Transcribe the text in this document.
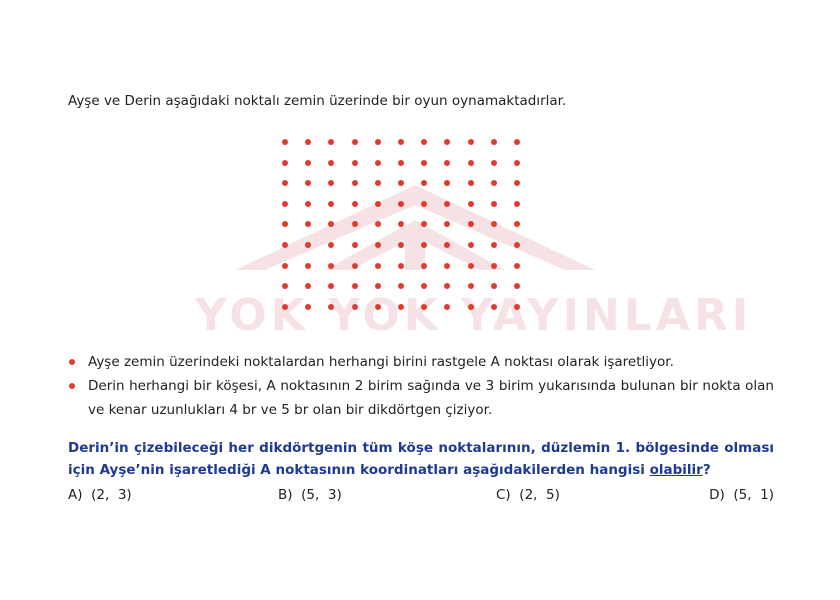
Ayşe ve Derin aşağıdaki noktalı zemin üzerinde bir oyun oynamaktadırlar.

YOK YOK YAYINLARI
Ayşe zemin üzerindeki noktalardan herhangi birini rastgele A noktası olarak işaretliyor.
Derin herhangi bir köşesi, A noktasının 2 birim sağında ve 3 birim yukarısında bulunan bir nokta olan ve kenar uzunlukları 4 br ve 5 br olan bir dikdörtgen çiziyor.

Derin’in çizebileceği her dikdörtgenin tüm köşe noktalarının, düzlemin 1. bölgesinde olması için Ayşe’nin işaretlediği A noktasının koordinatları aşağıdakilerden hangisi olabilir?

A) (2,  3)	B) (5,  3)	C) (2,  5)	D) (5,  1)
